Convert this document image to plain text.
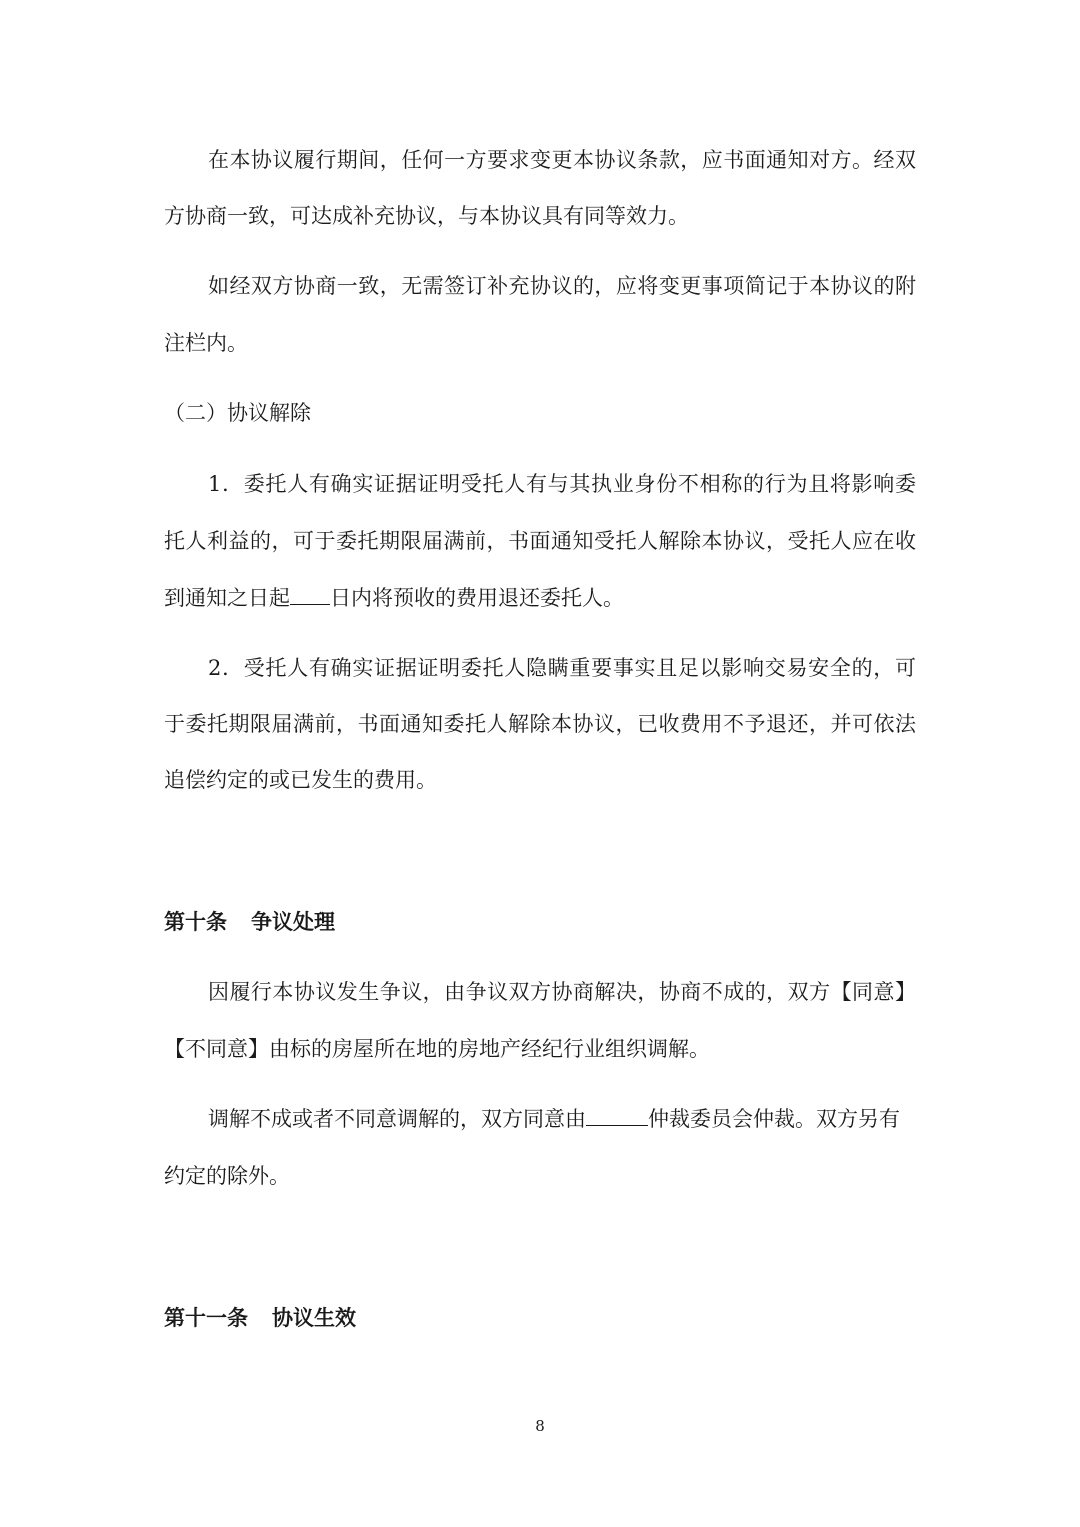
在本协议履行期间，任何一方要求变更本协议条款，应书面通知对方。经双
方协商一致，可达成补充协议，与本协议具有同等效力。
如经双方协商一致，无需签订补充协议的，应将变更事项简记于本协议的附
注栏内。
（二）协议解除
1．委托人有确实证据证明受托人有与其执业身份不相称的行为且将影响委
托人利益的，可于委托期限届满前，书面通知受托人解除本协议，受托人应在收
到通知之日起 日内将预收的费用退还委托人。
2．受托人有确实证据证明委托人隐瞒重要事实且足以影响交易安全的，可
于委托期限届满前，书面通知委托人解除本协议，已收费用不予退还，并可依法
追偿约定的或已发生的费用。
第十条 争议处理
因履行本协议发生争议，由争议双方协商解决，协商不成的，双方【同意】
【不同意】由标的房屋所在地的房地产经纪行业组织调解。
调解不成或者不同意调解的，双方同意由	仲裁委员会仲裁。双方另有
约定的除外。
第十一条 协议生效
8
